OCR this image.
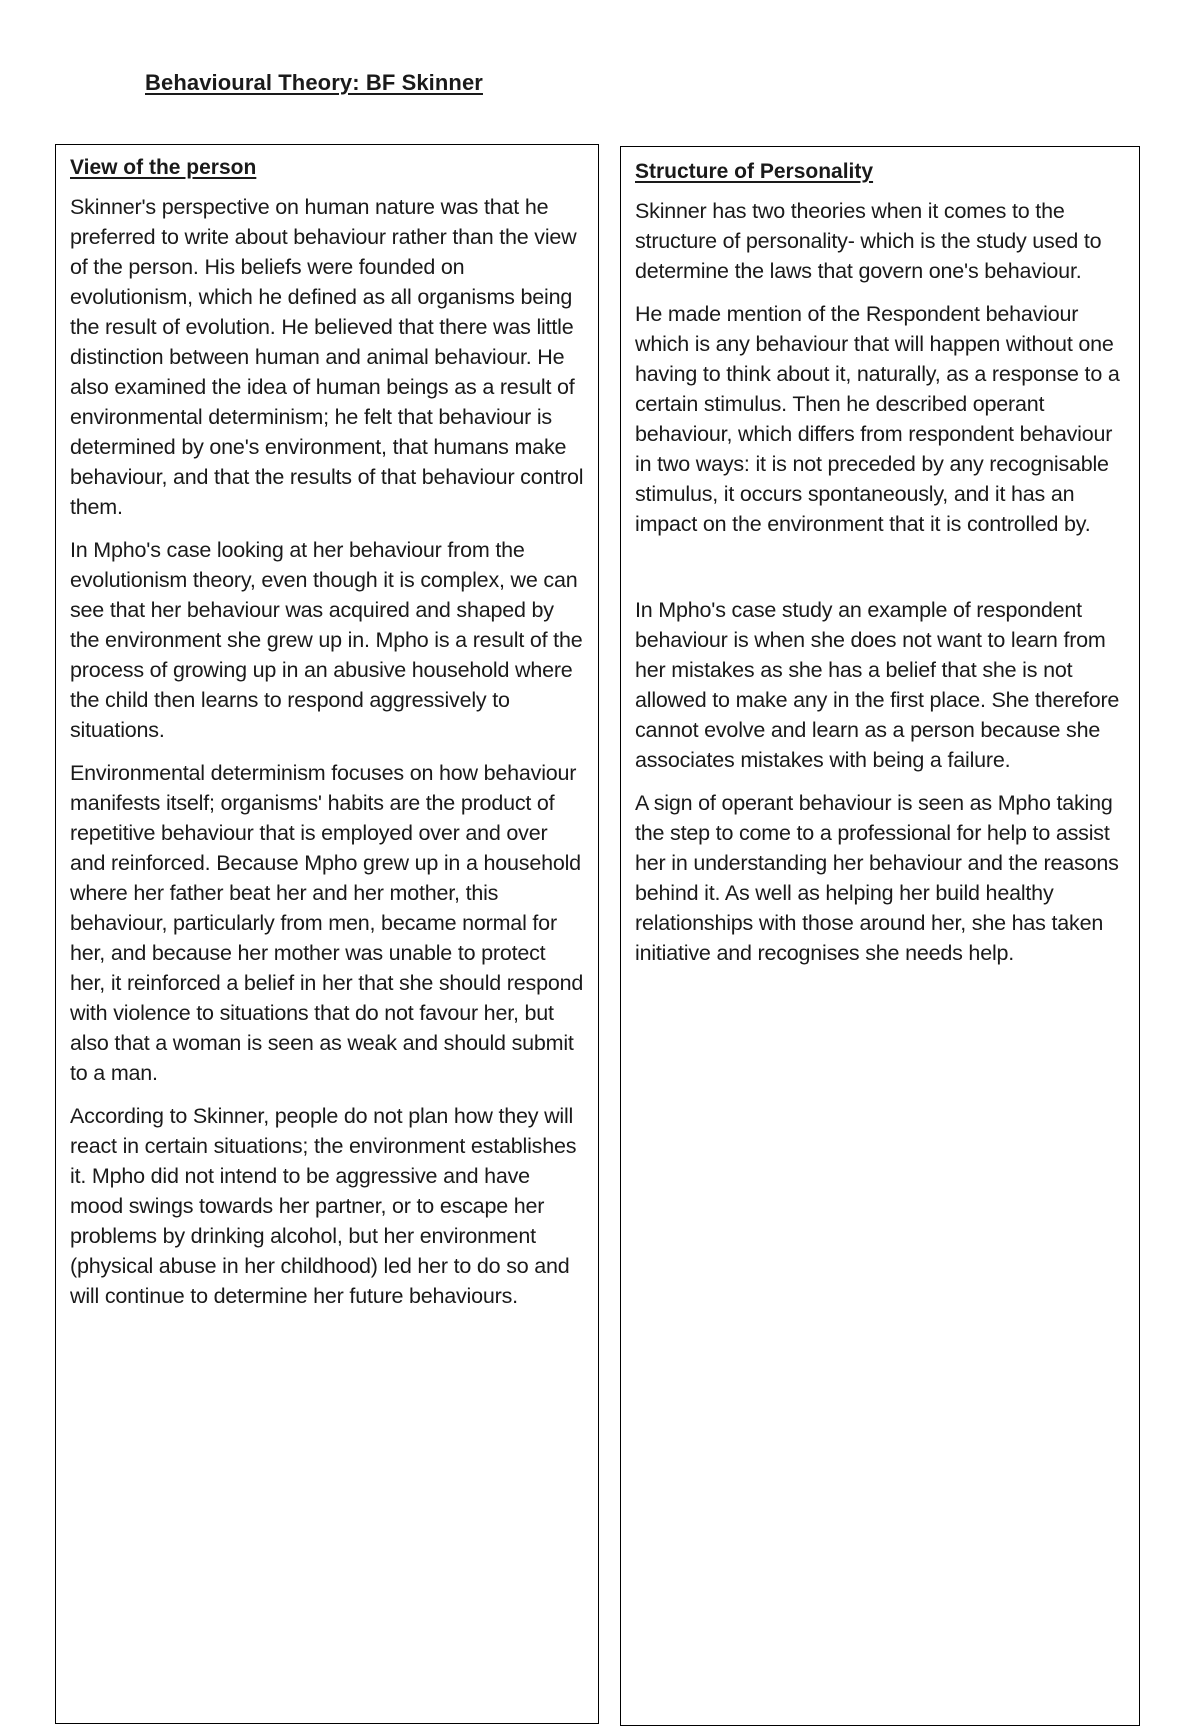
Behavioural Theory: BF Skinner

View of the person

Skinner's perspective on human nature was that he preferred to write about behaviour rather than the view of the person. His beliefs were founded on evolutionism, which he defined as all organisms being the result of evolution. He believed that there was little distinction between human and animal behaviour. He also examined the idea of human beings as a result of environmental determinism; he felt that behaviour is determined by one's environment, that humans make behaviour, and that the results of that behaviour control them.

In Mpho's case looking at her behaviour from the evolutionism theory, even though it is complex, we can see that her behaviour was acquired and shaped by the environment she grew up in. Mpho is a result of the process of growing up in an abusive household where the child then learns to respond aggressively to situations.

Environmental determinism focuses on how behaviour manifests itself; organisms' habits are the product of repetitive behaviour that is employed over and over and reinforced. Because Mpho grew up in a household where her father beat her and her mother, this behaviour, particularly from men, became normal for her, and because her mother was unable to protect her, it reinforced a belief in her that she should respond with violence to situations that do not favour her, but also that a woman is seen as weak and should submit to a man.

According to Skinner, people do not plan how they will react in certain situations; the environment establishes it. Mpho did not intend to be aggressive and have mood swings towards her partner, or to escape her problems by drinking alcohol, but her environment (physical abuse in her childhood) led her to do so and will continue to determine her future behaviours.

Structure of Personality

Skinner has two theories when it comes to the structure of personality- which is the study used to determine the laws that govern one's behaviour.

He made mention of the Respondent behaviour which is any behaviour that will happen without one having to think about it, naturally, as a response to a certain stimulus. Then he described operant behaviour, which differs from respondent behaviour in two ways: it is not preceded by any recognisable stimulus, it occurs spontaneously, and it has an impact on the environment that it is controlled by.

In Mpho's case study an example of respondent behaviour is when she does not want to learn from her mistakes as she has a belief that she is not allowed to make any in the first place. She therefore cannot evolve and learn as a person because she associates mistakes with being a failure.

A sign of operant behaviour is seen as Mpho taking the step to come to a professional for help to assist her in understanding her behaviour and the reasons behind it. As well as helping her build healthy relationships with those around her, she has taken initiative and recognises she needs help.
